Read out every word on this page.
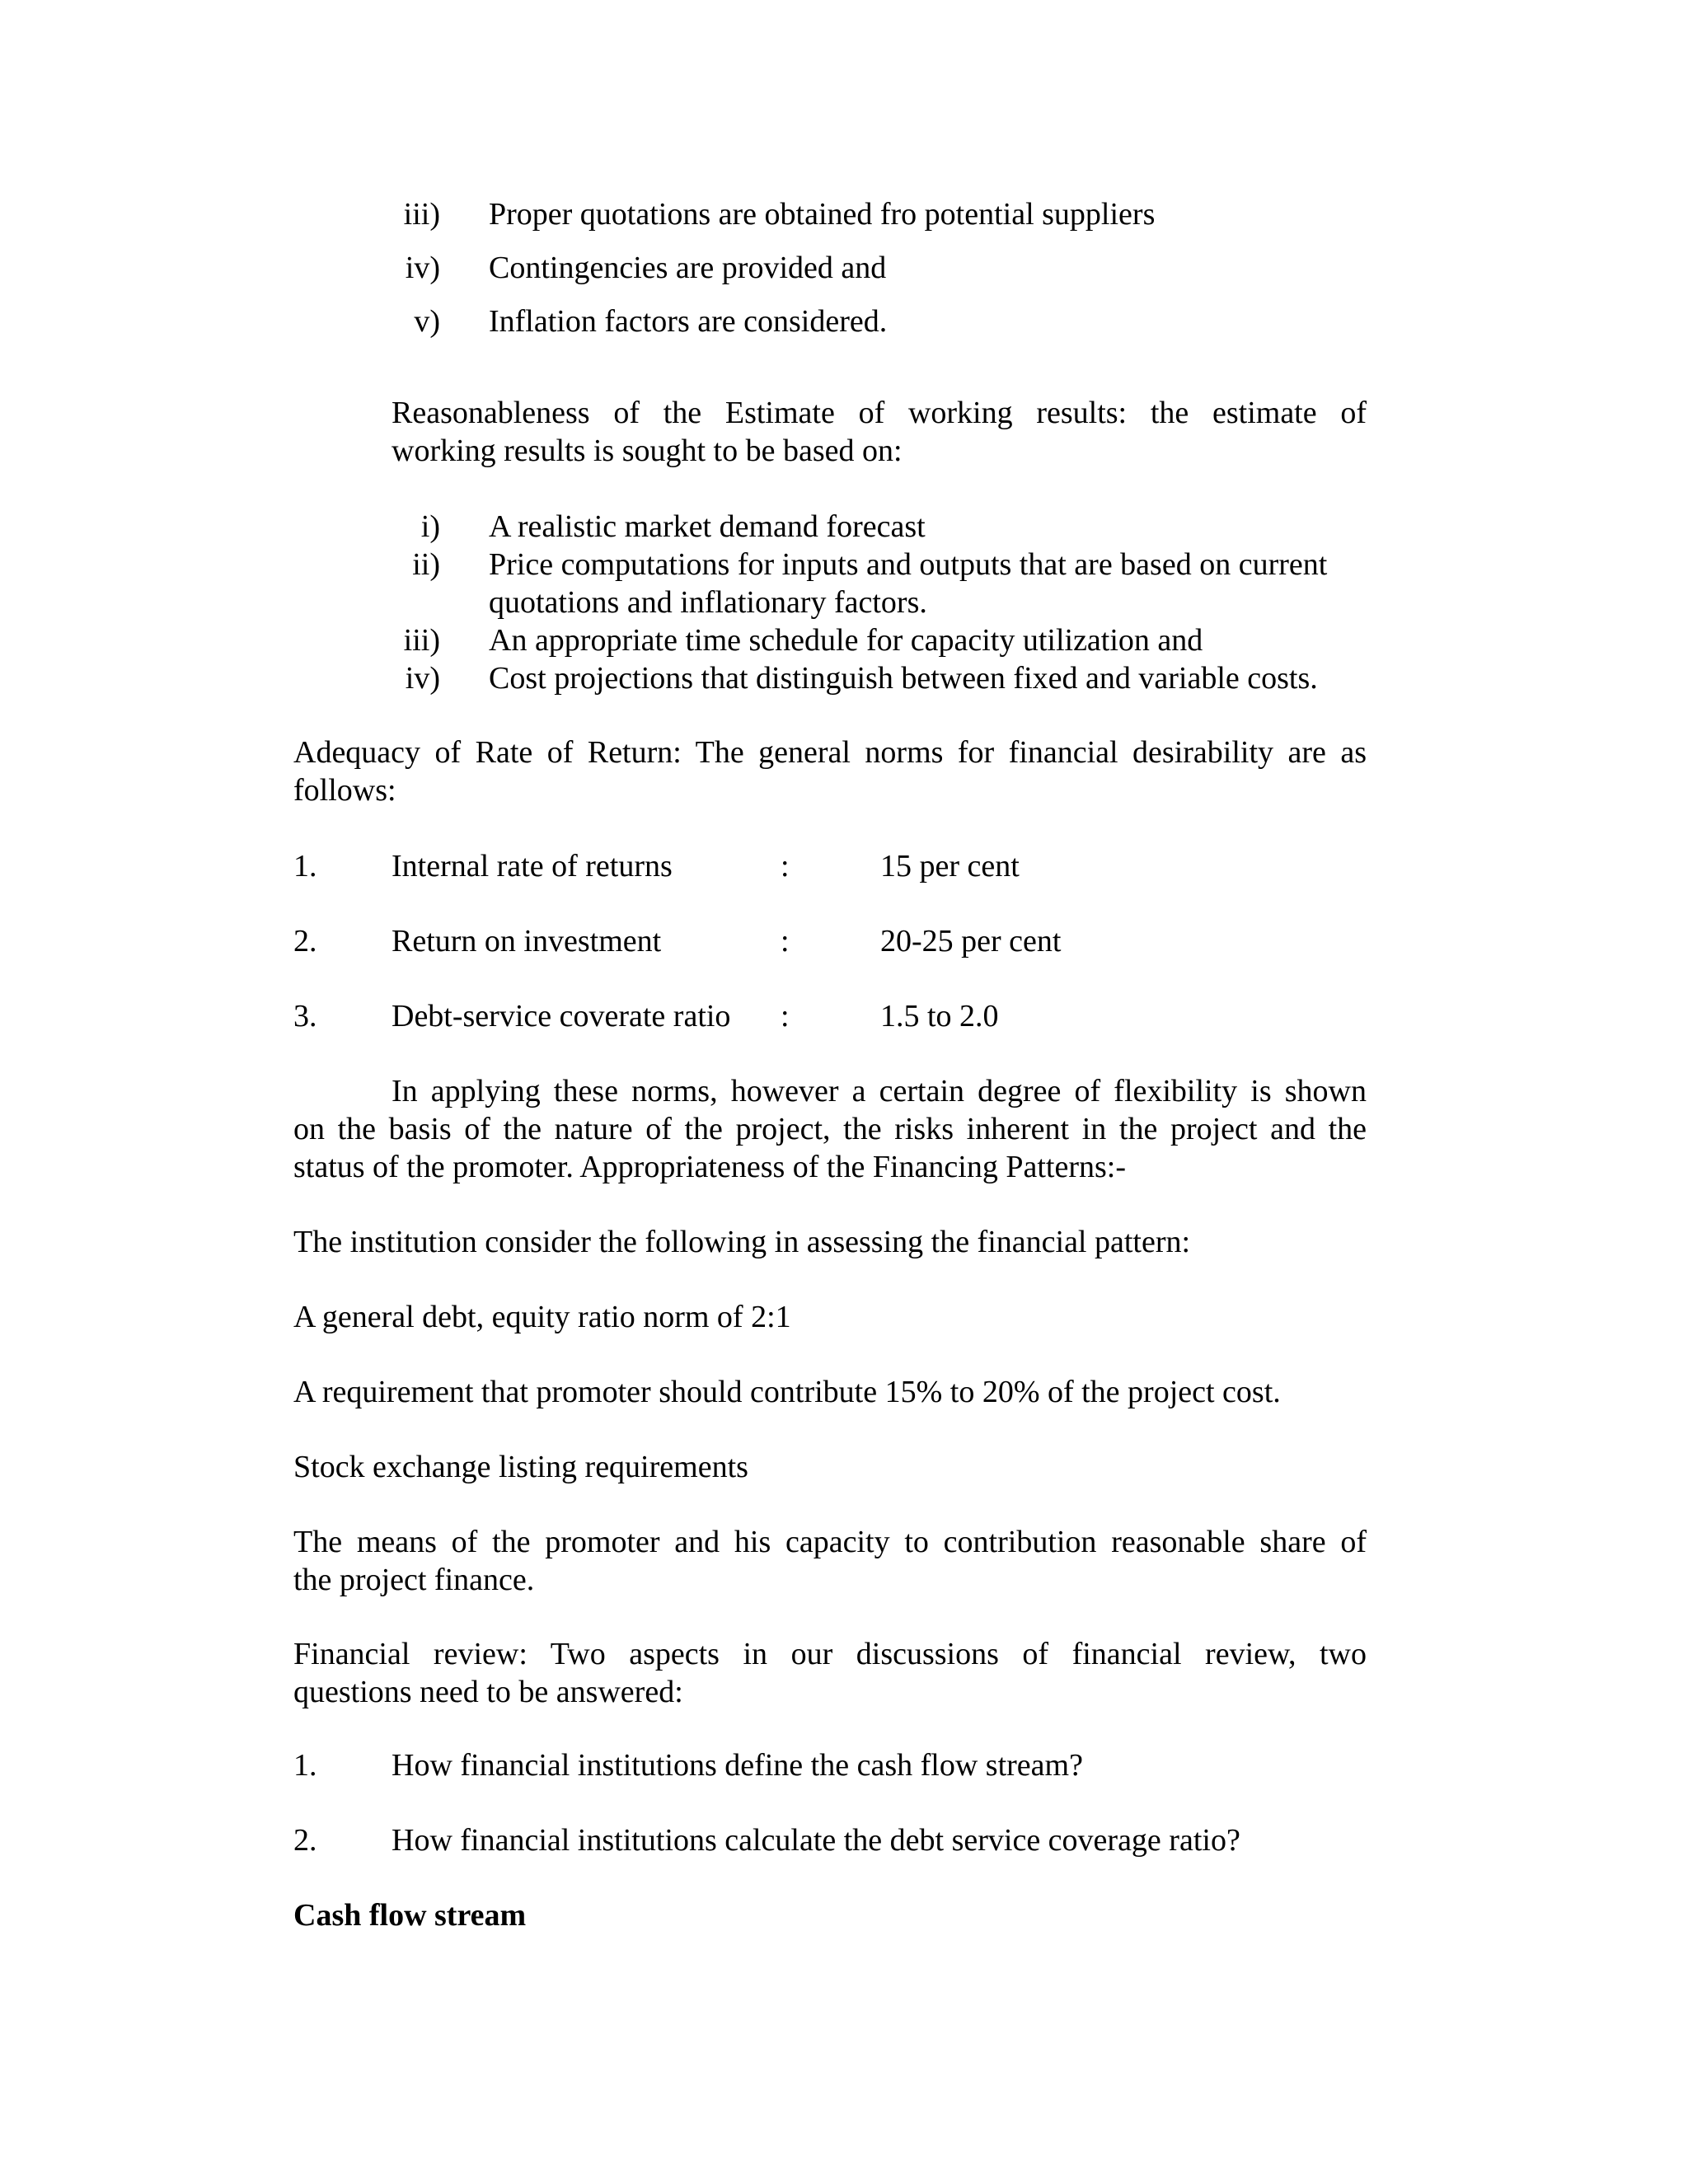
iii) Proper quotations are obtained fro potential suppliers
iv) Contingencies are provided and
v) Inflation factors are considered.
Reasonableness of the Estimate of working results: the estimate of
working results is sought to be based on:
i) A realistic market demand forecast
ii) Price computations for inputs and outputs that are based on current
quotations and inflationary factors.
iii) An appropriate time schedule for capacity utilization and
iv) Cost projections that distinguish between fixed and variable costs.
Adequacy of Rate of Return: The general norms for financial desirability are as
follows:
1. Internal rate of returns	:	15 per cent
2. Return on investment	:	20-25 per cent
3. Debt-service coverate ratio :	1.5 to 2.0
In applying these norms, however a certain degree of flexibility is shown
on the basis of the nature of the project, the risks inherent in the project and the
status of the promoter. Appropriateness of the Financing Patterns:-
The institution consider the following in assessing the financial pattern:
A general debt, equity ratio norm of 2:1
A requirement that promoter should contribute 15% to 20% of the project cost.
Stock exchange listing requirements
The means of the promoter and his capacity to contribution reasonable share of
the project finance.
Financial review: Two aspects in our discussions of financial review, two
questions need to be answered:
1. How financial institutions define the cash flow stream?
2. How financial institutions calculate the debt service coverage ratio?
Cash flow stream
